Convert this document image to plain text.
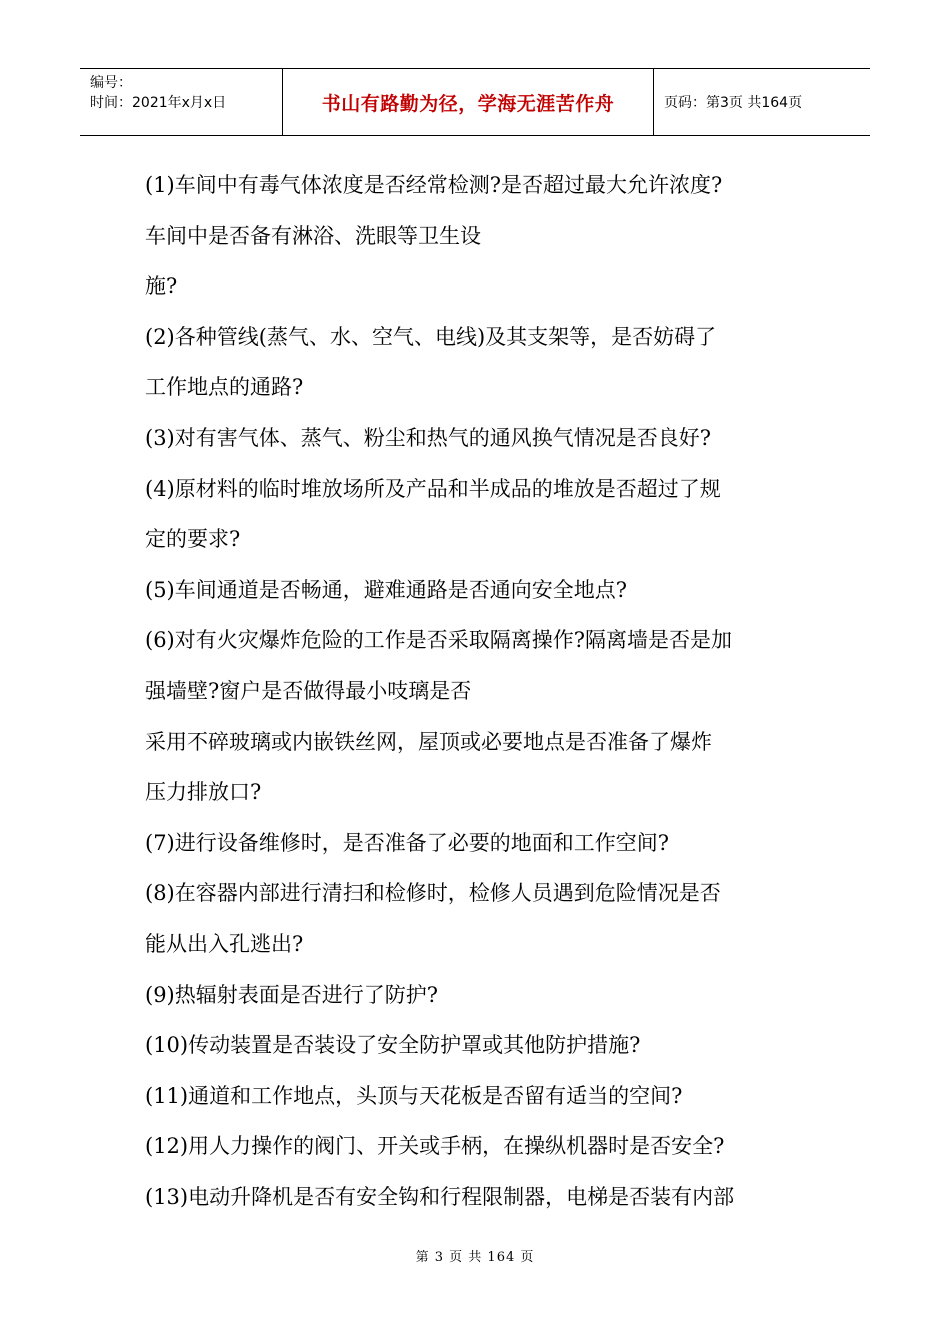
编号：
时间：2021年x月x日	书山有路勤为径，学海无涯苦作舟	页码：第3页 共164页

(1)车间中有毒气体浓度是否经常检测?是否超过最大允许浓度?

车间中是否备有淋浴、洗眼等卫生设

施?

(2)各种管线(蒸气、水、空气、电线)及其支架等，是否妨碍了

工作地点的通路?

(3)对有害气体、蒸气、粉尘和热气的通风换气情况是否良好?

(4)原材料的临时堆放场所及产品和半成品的堆放是否超过了规

定的要求?

(5)车间通道是否畅通，避难通路是否通向安全地点?

(6)对有火灾爆炸危险的工作是否采取隔离操作?隔离墙是否是加

强墙壁?窗户是否做得最小吱璃是否

采用不碎玻璃或内嵌铁丝网，屋顶或必要地点是否准备了爆炸

压力排放口?

(7)进行设备维修时，是否准备了必要的地面和工作空间?

(8)在容器内部进行清扫和检修时，检修人员遇到危险情况是否

能从出入孔逃出?

(9)热辐射表面是否进行了防护?

(10)传动装置是否装设了安全防护罩或其他防护措施?

(11)通道和工作地点，头顶与天花板是否留有适当的空间?

(12)用人力操作的阀门、开关或手柄，在操纵机器时是否安全?

(13)电动升降机是否有安全钩和行程限制器，电梯是否装有内部

第 3 页 共 164 页
